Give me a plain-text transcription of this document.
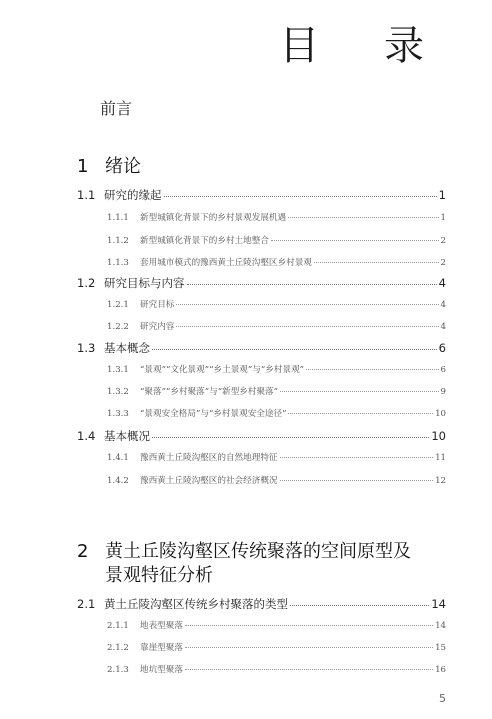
目 录
前言
1 绪论
1.1 研究的缘起	1
1.1.1	新型城镇化背景下的乡村景观发展机遇	1
1.1.2	新型城镇化背景下的乡村土地整合	2
1.1.3	套用城市模式的豫西黄土丘陵沟壑区乡村景观	2
1.2 研究目标与内容	4
1.2.1	研究目标	4
1.2.2	研究内容	4
1.3 基本概念	6
1.3.1	“景观”“文化景观”“乡土景观”与“乡村景观”	6
1.3.2	“聚落”“乡村聚落”与“新型乡村聚落”	9
1.3.3	“景观安全格局”与“乡村景观安全途径”	10
1.4 基本概况	10
1.4.1	豫西黄土丘陵沟壑区的自然地理特征	11
1.4.2	豫西黄土丘陵沟壑区的社会经济概况	12
2 黄土丘陵沟壑区传统聚落的空间原型及
景观特征分析
2.1 黄土丘陵沟壑区传统乡村聚落的类型	14
2.1.1	地表型聚落	14
2.1.2	靠崖型聚落	15
2.1.3	地坑型聚落	16
5
